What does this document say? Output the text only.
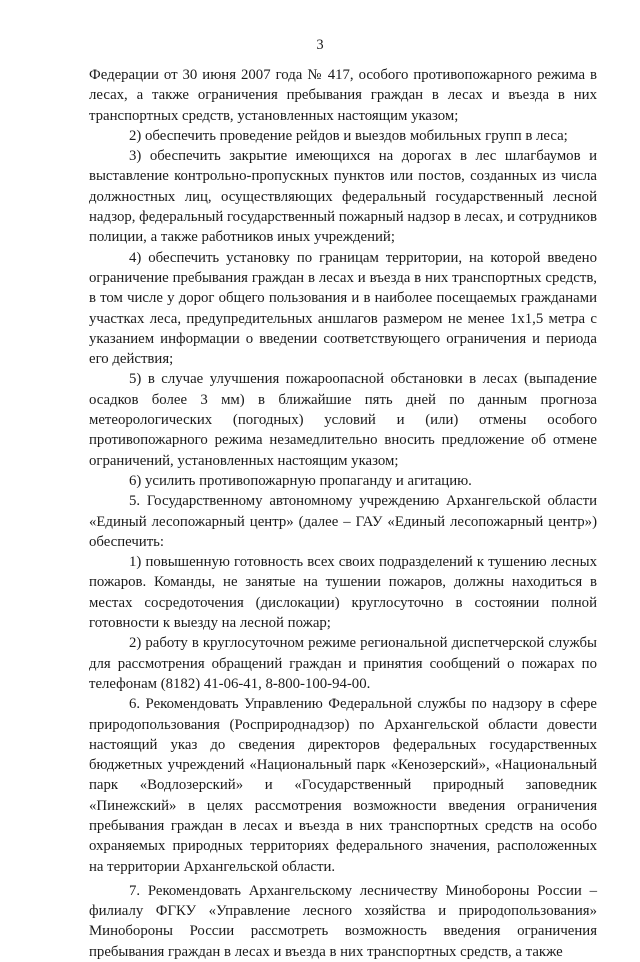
3

Федерации от 30 июня 2007 года № 417, особого противопожарного режима в лесах, а также ограничения пребывания граждан в лесах и въезда в них транспортных средств, установленных настоящим указом;

2) обеспечить проведение рейдов и выездов мобильных групп в леса;

3) обеспечить закрытие имеющихся на дорогах в лес шлагбаумов и выставление контрольно-пропускных пунктов или постов, созданных из числа должностных лиц, осуществляющих федеральный государственный лесной надзор, федеральный государственный пожарный надзор в лесах, и сотрудников полиции, а также работников иных учреждений;

4) обеспечить установку по границам территории, на которой введено ограничение пребывания граждан в лесах и въезда в них транспортных средств, в том числе у дорог общего пользования и в наиболее посещаемых гражданами участках леса, предупредительных аншлагов размером не менее 1х1,5 метра с указанием информации о введении соответствующего ограничения и периода его действия;

5) в случае улучшения пожароопасной обстановки в лесах (выпадение осадков более 3 мм) в ближайшие пять дней по данным прогноза метеорологических (погодных) условий и (или) отмены особого противопожарного режима незамедлительно вносить предложение об отмене ограничений, установленных настоящим указом;

6) усилить противопожарную пропаганду и агитацию.

5. Государственному автономному учреждению Архангельской области «Единый лесопожарный центр» (далее – ГАУ «Единый лесопожарный центр») обеспечить:

1) повышенную готовность всех своих подразделений к тушению лесных пожаров. Команды, не занятые на тушении пожаров, должны находиться в местах сосредоточения (дислокации) круглосуточно в состоянии полной готовности к выезду на лесной пожар;

2) работу в круглосуточном режиме региональной диспетчерской службы для рассмотрения обращений граждан и принятия сообщений о пожарах по телефонам (8182) 41-06-41, 8-800-100-94-00.

6. Рекомендовать Управлению Федеральной службы по надзору в сфере природопользования (Росприроднадзор) по Архангельской области довести настоящий указ до сведения директоров федеральных государственных бюджетных учреждений «Национальный парк «Кенозерский», «Национальный парк «Водлозерский» и «Государственный природный заповедник «Пинежский» в целях рассмотрения возможности введения ограничения пребывания граждан в лесах и въезда в них транспортных средств на особо охраняемых природных территориях федерального значения, расположенных на территории Архангельской области.

7. Рекомендовать Архангельскому лесничеству Минобороны России – филиалу ФГКУ «Управление лесного хозяйства и природопользования» Минобороны России рассмотреть возможность введения ограничения пребывания граждан в лесах и въезда в них транспортных средств, а также
